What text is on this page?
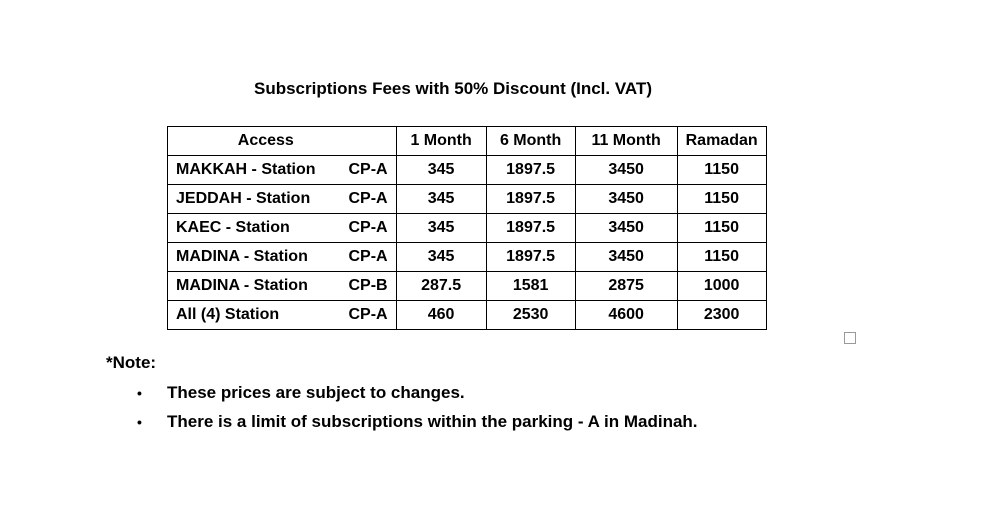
Subscriptions Fees with 50% Discount (Incl. VAT)
Access		1 Month	6 Month	11 Month	Ramadan
MAKKAH - Station	CP-A	345	1897.5	3450	1150
JEDDAH - Station	CP-A	345	1897.5	3450	1150
KAEC - Station	CP-A	345	1897.5	3450	1150
MADINA - Station	CP-A	345	1897.5	3450	1150
MADINA - Station	CP-B	287.5	1581	2875	1000
All (4) Station	CP-A	460	2530	4600	2300
*Note:
•	These prices are subject to changes.
•	There is a limit of subscriptions within the parking - A in Madinah.
